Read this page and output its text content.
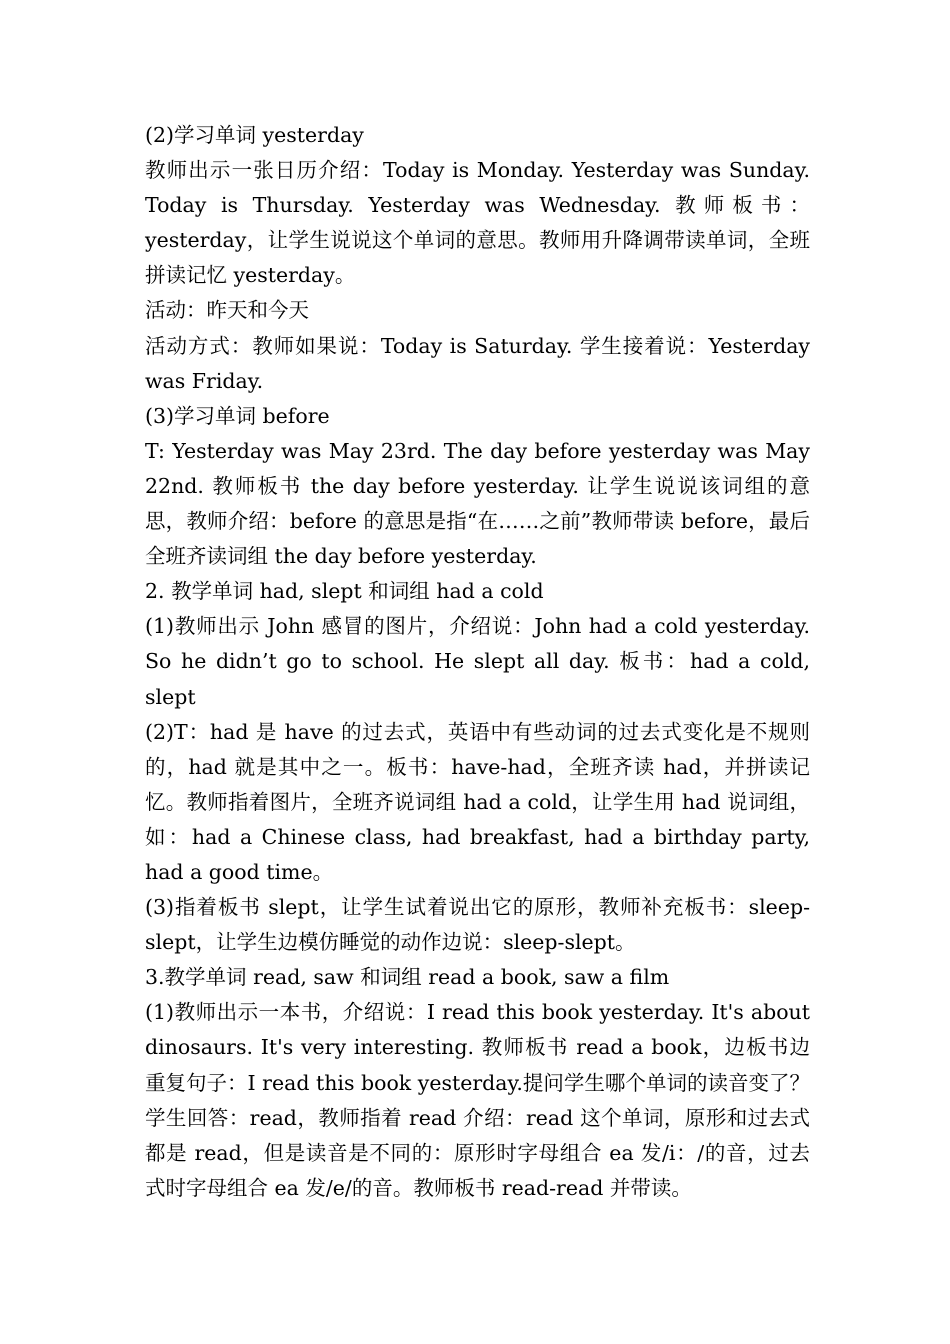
(2)学习单词 yesterday

教师出示一张日历介绍：Today is Monday. Yesterday was Sunday. Today is Thursday. Yesterday was Wednesday. 教师板书：yesterday，让学生说说这个单词的意思。教师用升降调带读单词，全班拼读记忆 yesterday。

活动：昨天和今天

活动方式：教师如果说：Today is Saturday. 学生接着说：Yesterday was Friday.

(3)学习单词 before

T: Yesterday was May 23rd. The day before yesterday was May 22nd. 教师板书 the day before yesterday. 让学生说说该词组的意思，教师介绍：before 的意思是指“在……之前”教师带读 before，最后全班齐读词组 the day before yesterday.

2. 教学单词 had, slept 和词组 had a cold

(1)教师出示 John 感冒的图片，介绍说：John had a cold yesterday. So he didn’t go to school. He slept all day. 板书：had a cold, slept

(2)T：had 是 have 的过去式，英语中有些动词的过去式变化是不规则的，had 就是其中之一。板书：have-had，全班齐读 had，并拼读记忆。教师指着图片，全班齐说词组 had a cold，让学生用 had 说词组，如：had a Chinese class, had breakfast, had a birthday party, had a good time。

(3)指着板书 slept，让学生试着说出它的原形，教师补充板书：sleep-slept，让学生边模仿睡觉的动作边说：sleep-slept。

3.教学单词 read, saw 和词组 read a book, saw a film

(1)教师出示一本书，介绍说：I read this book yesterday. It's about dinosaurs. It's very interesting. 教师板书 read a book，边板书边重复句子：I read this book yesterday.提问学生哪个单词的读音变了？学生回答：read，教师指着 read 介绍：read 这个单词，原形和过去式都是 read，但是读音是不同的：原形时字母组合 ea 发/i：/的音，过去式时字母组合 ea 发/e/的音。教师板书 read-read 并带读。
